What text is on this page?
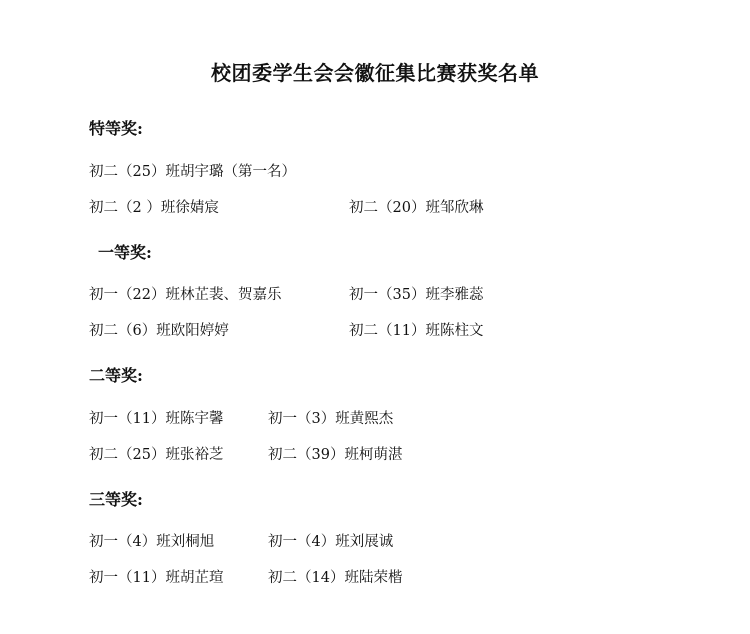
校团委学生会会徽征集比赛获奖名单
特等奖:
初二（25）班胡宇璐（第一名）
初二（2 ）班徐婧宸	初二（20）班邹欣琳
一等奖:
初一（22）班林芷裴、贺嘉乐	初一（35）班李雅蕊
初二（6）班欧阳婷婷	初二（11）班陈柱文
二等奖:
初一（11）班陈宇馨	初一（3）班黄熙杰
初二（25）班张裕芝	初二（39）班柯萌湛
三等奖:
初一（4）班刘桐旭	初一（4）班刘展诚
初一（11）班胡芷瑄	初二（14）班陆荣楷
